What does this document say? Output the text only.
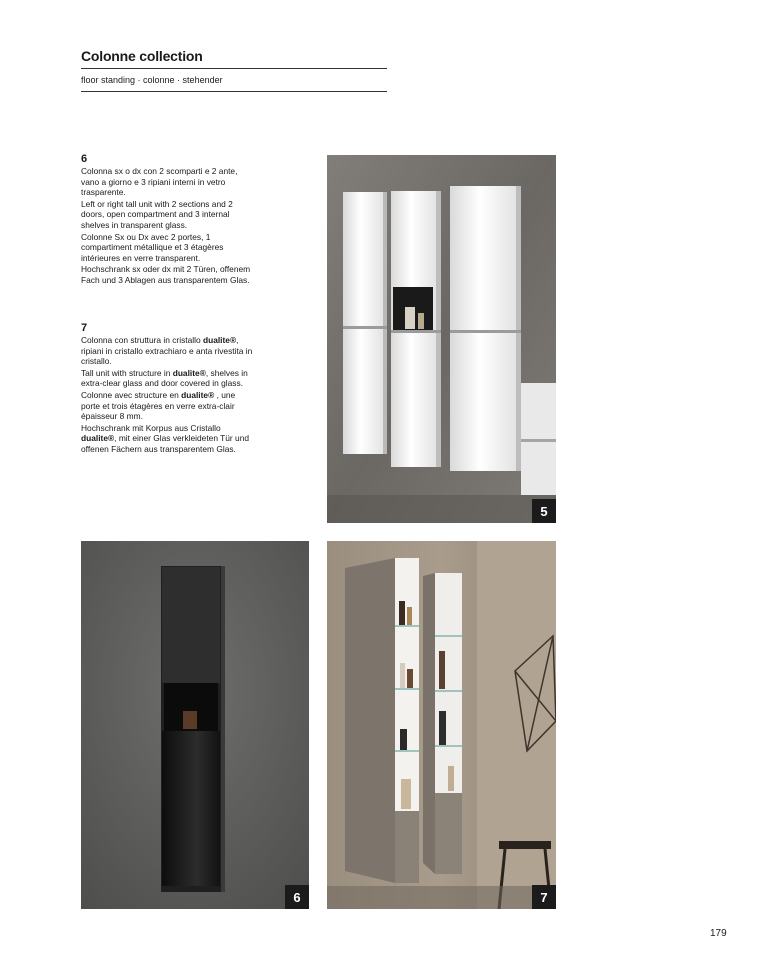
Colonne collection
floor standing · colonne · stehender
6

Colonna sx o dx con 2 scomparti e 2 ante, vano a giorno e 3 ripiani interni in vetro trasparente.

Left or right tall unit with 2 sections and 2 doors, open compartment and 3 internal shelves in transparent glass.

Colonne Sx ou Dx avec 2 portes, 1 compartiment métallique et 3 étagères intérieures en verre transparent.

Hochschrank sx oder dx mit 2 Türen, offenem Fach und 3 Ablagen aus transparentem Glas.

7

Colonna con struttura in cristallo dualite®, ripiani in cristallo extrachiaro e anta rivestita in cristallo.

Tall unit with structure in dualite®, shelves in extra-clear glass and door covered in glass.

Colonne avec structure en dualite® , une porte et trois étagères en verre extra-clair épaisseur 8 mm.

Hochschrank mit Korpus aus Cristallo dualite®, mit einer Glas verkleideten Tür und offenen Fächern aus transparentem Glas.

5
6	7
179
